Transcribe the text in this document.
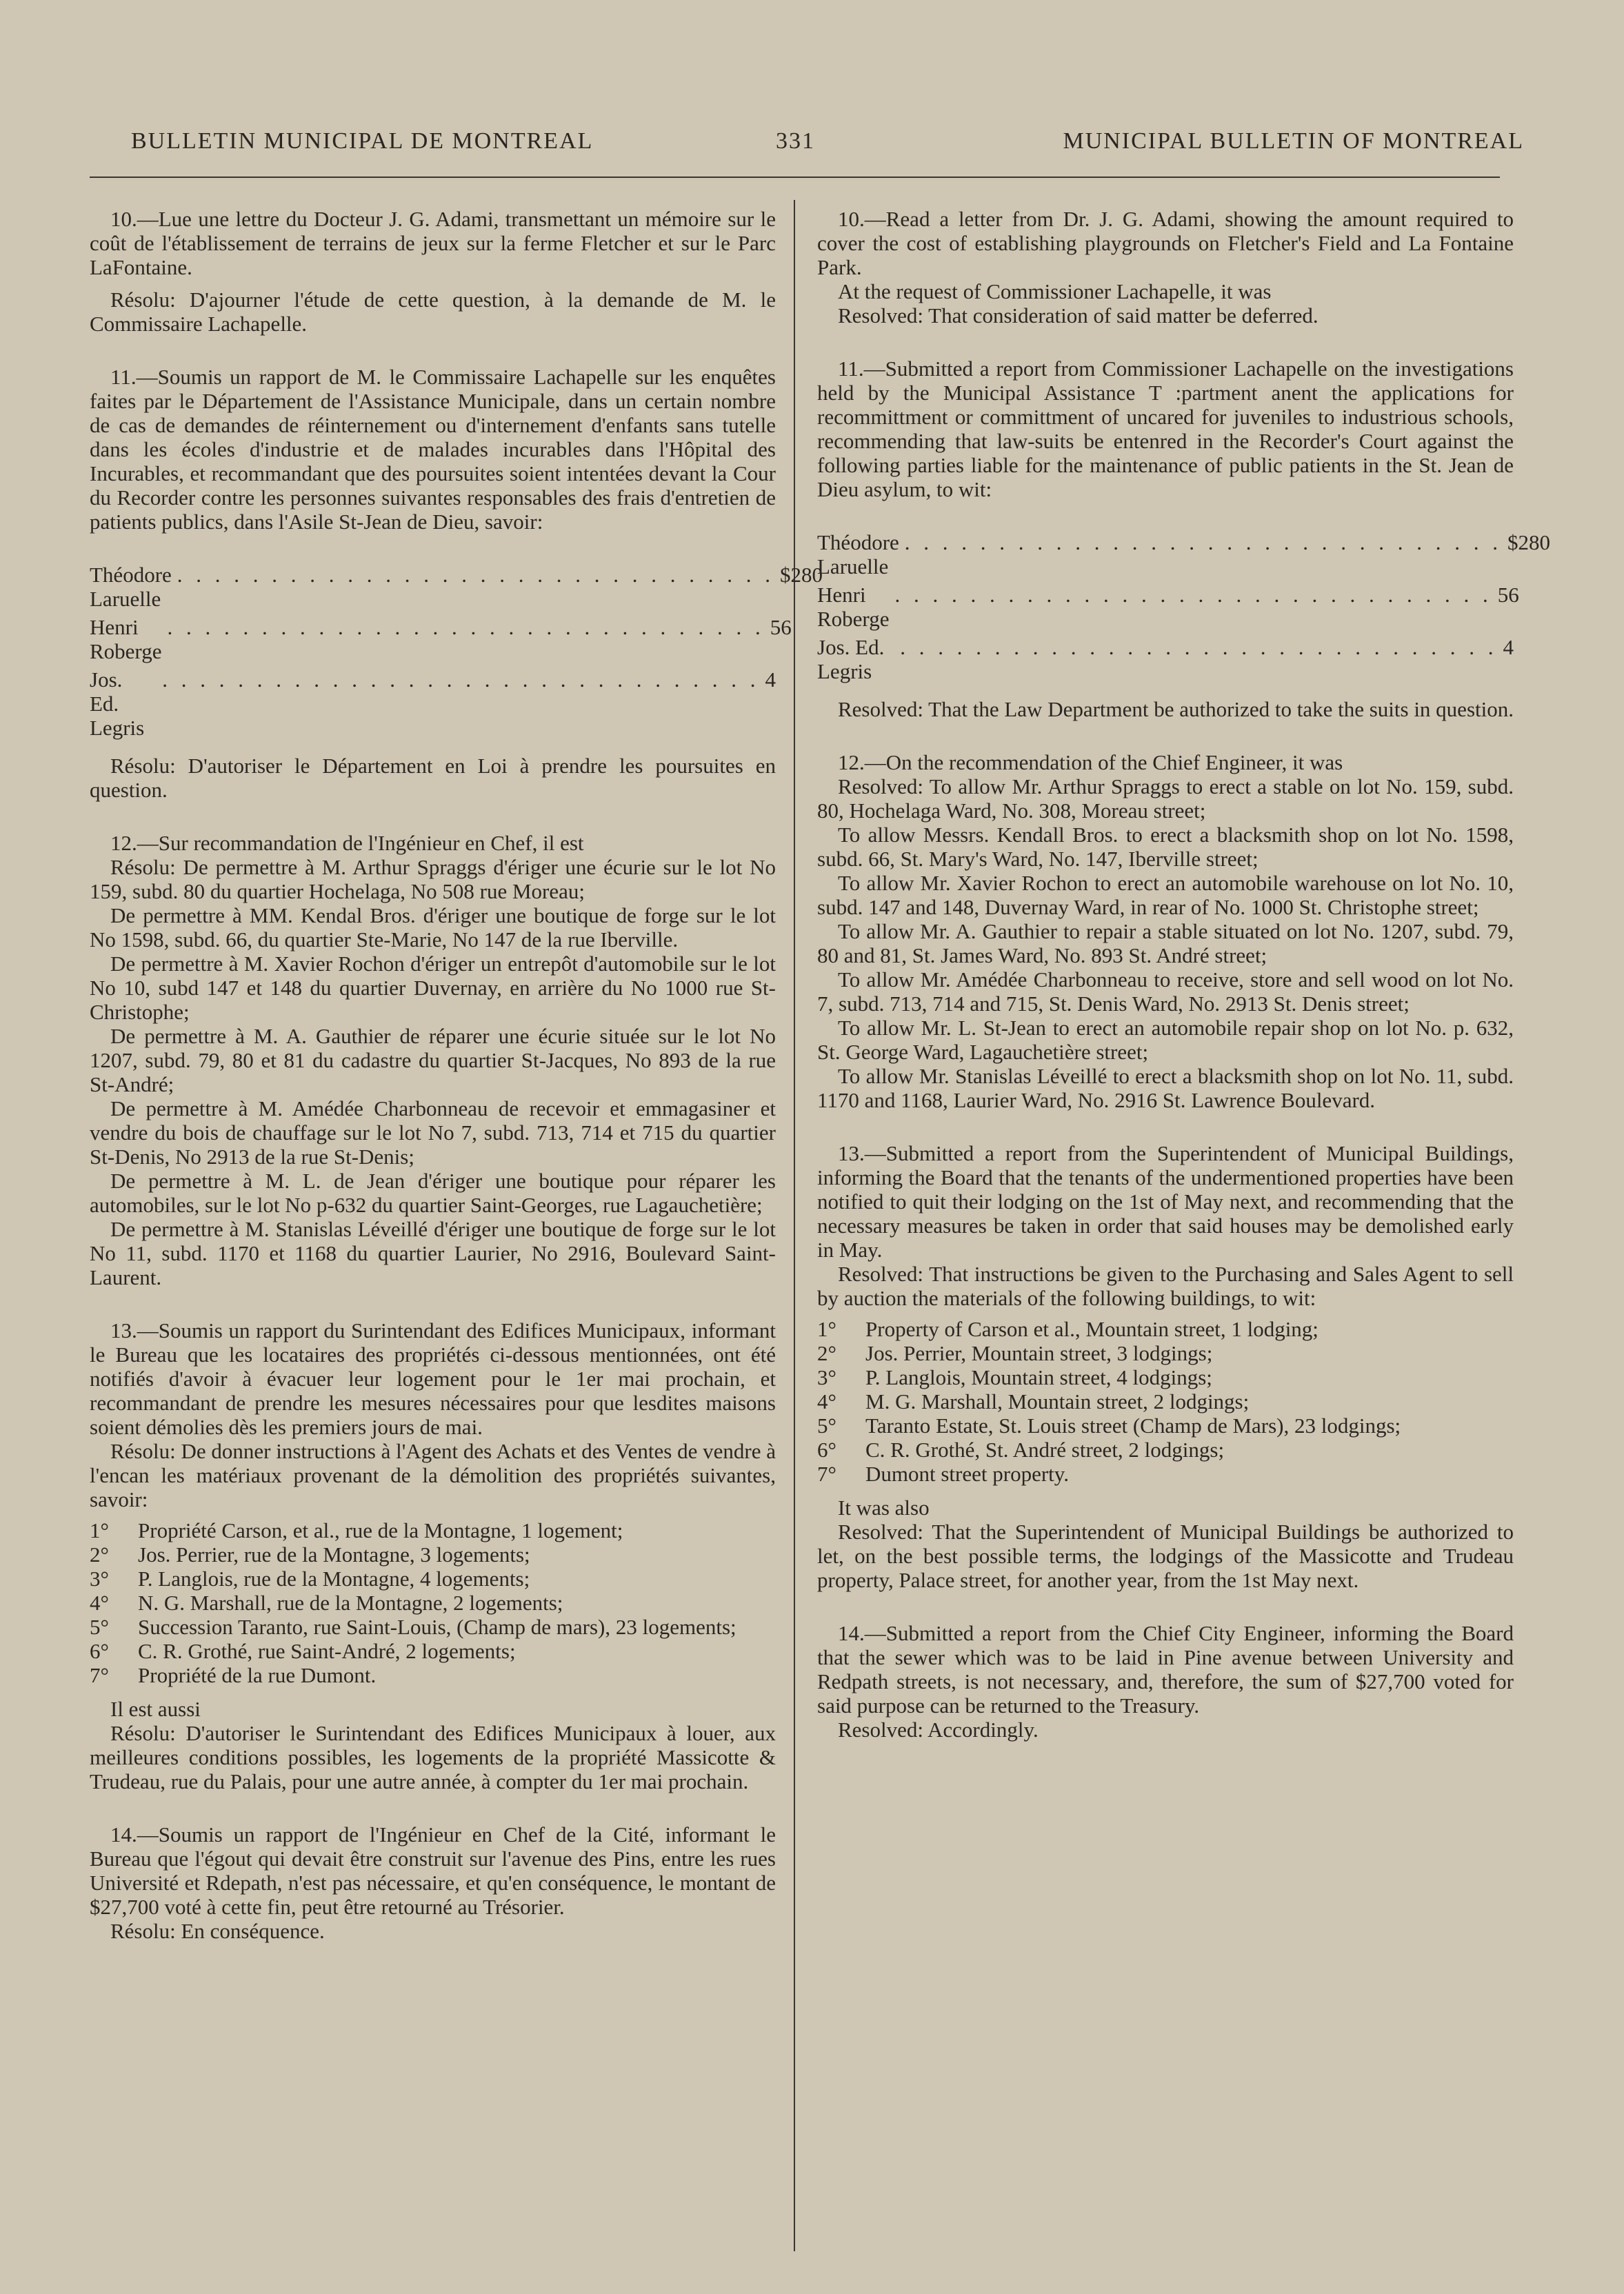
BULLETIN MUNICIPAL DE MONTREAL	331	MUNICIPAL BULLETIN OF MONTREAL

10.—Lue une lettre du Docteur J. G. Adami, transmettant un mémoire sur le coût de l'établissement de terrains de jeux sur la ferme Fletcher et sur le Parc LaFontaine.

Résolu: D'ajourner l'étude de cette question, à la demande de M. le Commissaire Lachapelle.

11.—Soumis un rapport de M. le Commissaire Lachapelle sur les enquêtes faites par le Département de l'Assistance Municipale, dans un certain nombre de cas de demandes de réinternement ou d'internement d'enfants sans tutelle dans les écoles d'industrie et de malades incurables dans l'Hôpital des Incurables, et recommandant que des poursuites soient intentées devant la Cour du Recorder contre les personnes suivantes responsables des frais d'entretien de patients publics, dans l'Asile St-Jean de Dieu, savoir:

Théodore Laruelle
. . . . . . . . . . . . . . . . . . . . . . . . . . . . . . . . $280
Henri Roberge
. . . . . . . . . . . . . . . . . . . . . . . . . . . . . . . . 56
Jos. Ed. Legris
. . . . . . . . . . . . . . . . . . . . . . . . . . . . . . . . 4

Résolu: D'autoriser le Département en Loi à prendre les poursuites en question.

12.—Sur recommandation de l'Ingénieur en Chef, il est

Résolu: De permettre à M. Arthur Spraggs d'ériger une écurie sur le lot No 159, subd. 80 du quartier Hochelaga, No 508 rue Moreau;

De permettre à MM. Kendal Bros. d'ériger une boutique de forge sur le lot No 1598, subd. 66, du quartier Ste-Marie, No 147 de la rue Iberville.

De permettre à M. Xavier Rochon d'ériger un entrepôt d'automobile sur le lot No 10, subd 147 et 148 du quartier Duvernay, en arrière du No 1000 rue St-Christophe;

De permettre à M. A. Gauthier de réparer une écurie située sur le lot No 1207, subd. 79, 80 et 81 du cadastre du quartier St-Jacques, No 893 de la rue St-André;

De permettre à M. Amédée Charbonneau de recevoir et emmagasiner et vendre du bois de chauffage sur le lot No 7, subd. 713, 714 et 715 du quartier St-Denis, No 2913 de la rue St-Denis;

De permettre à M. L. de Jean d'ériger une boutique pour réparer les automobiles, sur le lot No p-632 du quartier Saint-Georges, rue Lagauchetière;

De permettre à M. Stanislas Léveillé d'ériger une boutique de forge sur le lot No 11, subd. 1170 et 1168 du quartier Laurier, No 2916, Boulevard Saint-Laurent.

13.—Soumis un rapport du Surintendant des Edifices Municipaux, informant le Bureau que les locataires des propriétés ci-dessous mentionnées, ont été notifiés d'avoir à évacuer leur logement pour le 1er mai prochain, et recommandant de prendre les mesures nécessaires pour que lesdites maisons soient démolies dès les premiers jours de mai.

Résolu: De donner instructions à l'Agent des Achats et des Ventes de vendre à l'encan les matériaux provenant de la démolition des propriétés suivantes, savoir:

1°	Propriété Carson, et al., rue de la Montagne, 1 logement;
2°	Jos. Perrier, rue de la Montagne, 3 logements;
3°	P. Langlois, rue de la Montagne, 4 logements;
4°	N. G. Marshall, rue de la Montagne, 2 logements;
5°	Succession Taranto, rue Saint-Louis, (Champ de mars), 23 logements;
6°	C. R. Grothé, rue Saint-André, 2 logements;
7°	Propriété de la rue Dumont.

Il est aussi

Résolu: D'autoriser le Surintendant des Edifices Municipaux à louer, aux meilleures conditions possibles, les logements de la propriété Massicotte & Trudeau, rue du Palais, pour une autre année, à compter du 1er mai prochain.

14.—Soumis un rapport de l'Ingénieur en Chef de la Cité, informant le Bureau que l'égout qui devait être construit sur l'avenue des Pins, entre les rues Université et Rdepath, n'est pas nécessaire, et qu'en conséquence, le montant de $27,700 voté à cette fin, peut être retourné au Trésorier.

Résolu: En conséquence.

10.—Read a letter from Dr. J. G. Adami, showing the amount required to cover the cost of establishing playgrounds on Fletcher's Field and La Fontaine Park.

At the request of Commissioner Lachapelle, it was

Resolved: That consideration of said matter be deferred.

11.—Submitted a report from Commissioner Lachapelle on the investigations held by the Municipal Assistance T :partment anent the applications for recommittment or committment of uncared for juveniles to industrious schools, recommending that law-suits be entenred in the Recorder's Court against the following parties liable for the maintenance of public patients in the St. Jean de Dieu asylum, to wit:

Théodore Laruelle
. . . . . . . . . . . . . . . . . . . . . . . . . . . . . . . . $280
Henri Roberge
. . . . . . . . . . . . . . . . . . . . . . . . . . . . . . . . 56
Jos. Ed. Legris
. . . . . . . . . . . . . . . . . . . . . . . . . . . . . . . . 4

Resolved: That the Law Department be authorized to take the suits in question.

12.—On the recommendation of the Chief Engineer, it was

Resolved: To allow Mr. Arthur Spraggs to erect a stable on lot No. 159, subd. 80, Hochelaga Ward, No. 308, Moreau street;

To allow Messrs. Kendall Bros. to erect a blacksmith shop on lot No. 1598, subd. 66, St. Mary's Ward, No. 147, Iberville street;

To allow Mr. Xavier Rochon to erect an automobile warehouse on lot No. 10, subd. 147 and 148, Duvernay Ward, in rear of No. 1000 St. Christophe street;

To allow Mr. A. Gauthier to repair a stable situated on lot No. 1207, subd. 79, 80 and 81, St. James Ward, No. 893 St. André street;

To allow Mr. Amédée Charbonneau to receive, store and sell wood on lot No. 7, subd. 713, 714 and 715, St. Denis Ward, No. 2913 St. Denis street;

To allow Mr. L. St-Jean to erect an automobile repair shop on lot No. p. 632, St. George Ward, Lagauchetière street;

To allow Mr. Stanislas Léveillé to erect a blacksmith shop on lot No. 11, subd. 1170 and 1168, Laurier Ward, No. 2916 St. Lawrence Boulevard.

13.—Submitted a report from the Superintendent of Municipal Buildings, informing the Board that the tenants of the undermentioned properties have been notified to quit their lodging on the 1st of May next, and recommending that the necessary measures be taken in order that said houses may be demolished early in May.

Resolved: That instructions be given to the Purchasing and Sales Agent to sell by auction the materials of the following buildings, to wit:

1°	Property of Carson et al., Mountain street, 1 lodging;
2°	Jos. Perrier, Mountain street, 3 lodgings;
3°	P. Langlois, Mountain street, 4 lodgings;
4°	M. G. Marshall, Mountain street, 2 lodgings;
5°	Taranto Estate, St. Louis street (Champ de Mars), 23 lodgings;
6°	C. R. Grothé, St. André street, 2 lodgings;
7°	Dumont street property.

It was also

Resolved: That the Superintendent of Municipal Buildings be authorized to let, on the best possible terms, the lodgings of the Massicotte and Trudeau property, Palace street, for another year, from the 1st May next.

14.—Submitted a report from the Chief City Engineer, informing the Board that the sewer which was to be laid in Pine avenue between University and Redpath streets, is not necessary, and, therefore, the sum of $27,700 voted for said purpose can be returned to the Treasury.

Resolved: Accordingly.
